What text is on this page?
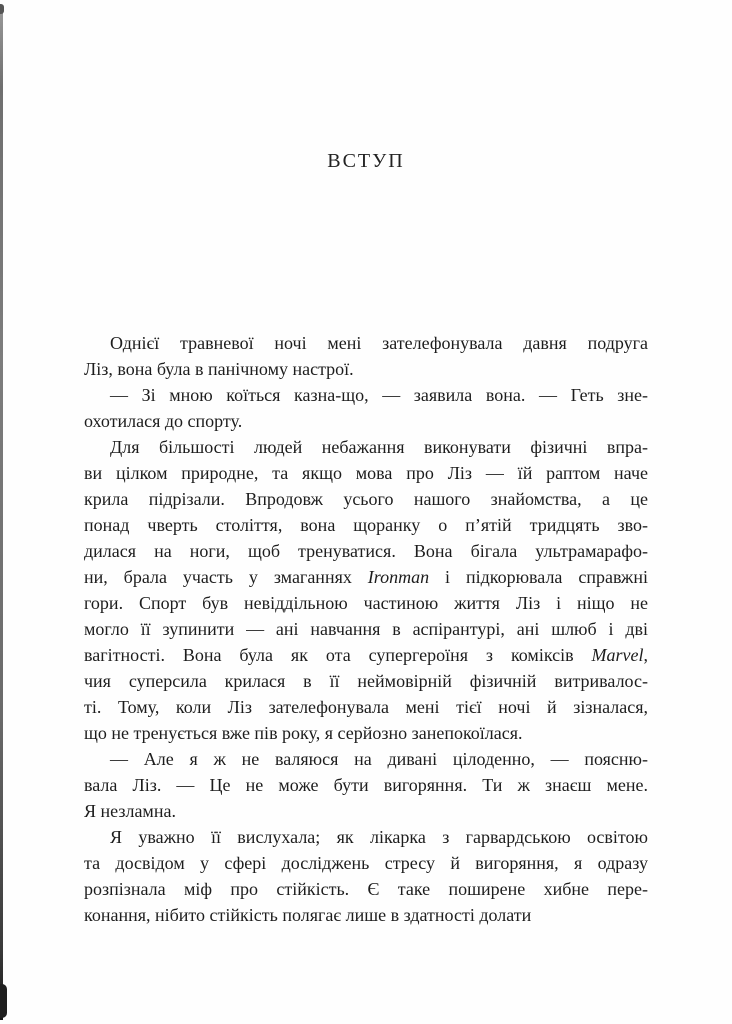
ВСТУП

Однієї травневої ночі мені зателефонувала давня подруга
Ліз, вона була в панічному настрої.

— Зі мною коїться казна-що, — заявила вона. — Геть зне-
охотилася до спорту.

Для більшості людей небажання виконувати фізичні впра-
ви цілком природне, та якщо мова про Ліз — їй раптом наче
крила підрізали. Впродовж усього нашого знайомства, а це
понад чверть століття, вона щоранку о п’ятій тридцять зво-
дилася на ноги, щоб тренуватися. Вона бігала ультрамарафо-
ни, брала участь у змаганнях Ironman і підкорювала справжні
гори. Спорт був невіддільною частиною життя Ліз і ніщо не
могло її зупинити — ані навчання в аспірантурі, ані шлюб і дві
вагітності. Вона була як ота супергероїня з коміксів Marvel,
чия суперсила крилася в її неймовірній фізичній витривалос-
ті. Тому, коли Ліз зателефонувала мені тієї ночі й зізналася,
що не тренується вже пів року, я серйозно занепокоїлася.

— Але я ж не валяюся на дивані цілоденно, — поясню-
вала Ліз. — Це не може бути вигоряння. Ти ж знаєш мене.
Я незламна.

Я уважно її вислухала; як лікарка з гарвардською освітою
та досвідом у сфері досліджень стресу й вигоряння, я одразу
розпізнала міф про стійкість. Є таке поширене хибне пере-
конання, нібито стійкість полягає лише в здатності долати
